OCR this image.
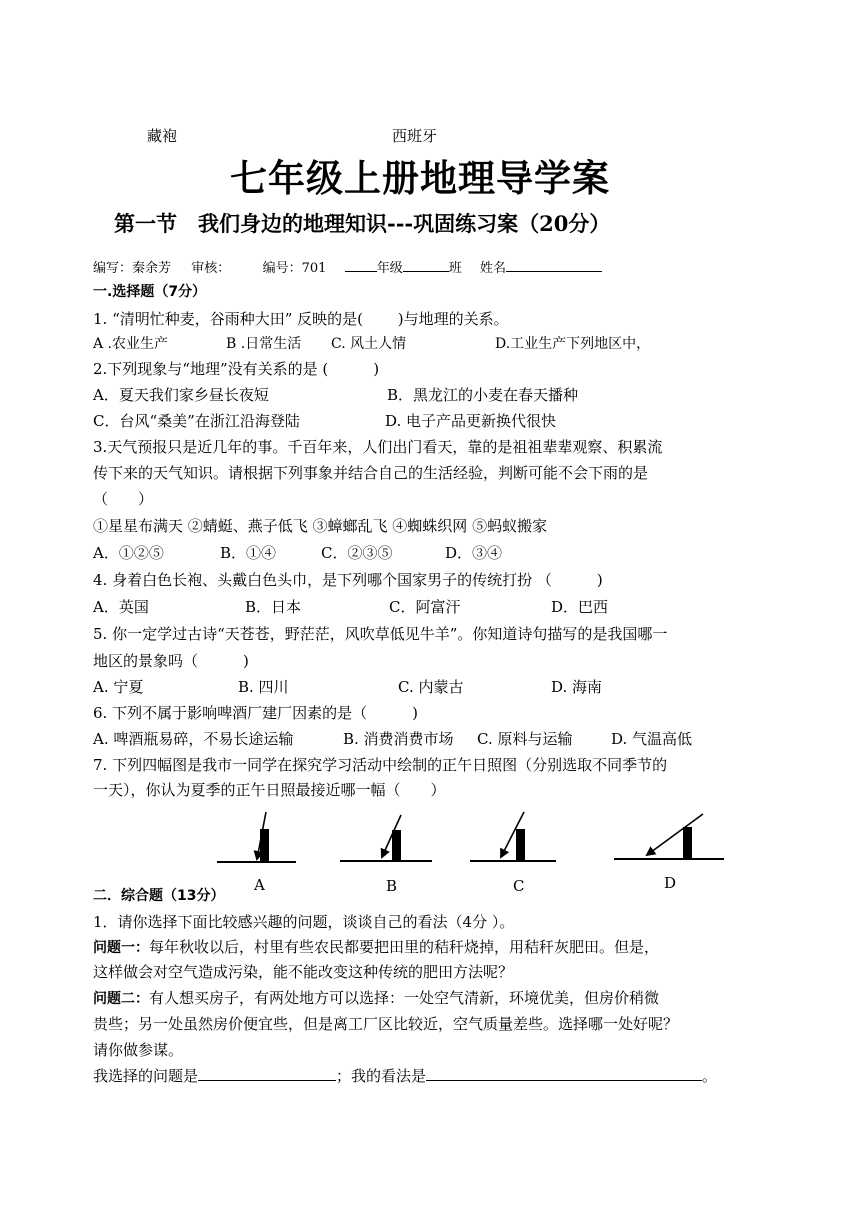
藏袍	西班牙
七年级上册地理导学案
第一节　我们身边的地理知识---巩固练习案（20分）
编写：秦余芳 审核： 编号：701	年级	班 姓名
一.选择题（7分）
1. “清明忙种麦，谷雨种大田” 反映的是(　　 )与地理的关系。
A .农业生产	B .日常生活 C. 风土人情	D.工业生产下列地区中，
2.下列现象与“地理”没有关系的是 (　　　)
A．夏天我们家乡昼长夜短	B．黑龙江的小麦在春天播种
C．台风“桑美”在浙江沿海登陆	D. 电子产品更新换代很快
3.天气预报只是近几年的事。千百年来，人们出门看天，靠的是祖祖辈辈观察、积累流
传下来的天气知识。请根据下列事象并结合自己的生活经验，判断可能不会下雨的是
（　　）
①星星布满天 ②蜻蜓、燕子低飞 ③蟑螂乱飞 ④蜘蛛织网 ⑤蚂蚁搬家
A．①②⑤	B．①④	C．②③⑤	D．③④
4. 身着白色长袍、头戴白色头巾，是下列哪个国家男子的传统打扮 （　　　)
A．英国	B．日本	C．阿富汗	D．巴西
5. 你一定学过古诗“天苍苍，野茫茫，风吹草低见牛羊”。你知道诗句描写的是我国哪一
地区的景象吗（　　　)
A. 宁夏	B. 四川	C. 内蒙古	D. 海南
6. 下列不属于影响啤酒厂建厂因素的是（　　　)
A. 啤酒瓶易碎，不易长途运输	B. 消费消费市场 C. 原料与运输	D. 气温高低
7. 下列四幅图是我市一同学在探究学习活动中绘制的正午日照图（分别选取不同季节的
一天），你认为夏季的正午日照最接近哪一幅（　　）
A	B	C	D
二．综合题（13分）
1．请你选择下面比较感兴趣的问题，谈谈自己的看法（4分 ）。
问题一：每年秋收以后，村里有些农民都要把田里的秸秆烧掉，用秸秆灰肥田。但是，
这样做会对空气造成污染，能不能改变这种传统的肥田方法呢？
问题二：有人想买房子，有两处地方可以选择：一处空气清新，环境优美，但房价稍微
贵些；另一处虽然房价便宜些，但是离工厂区比较近，空气质量差些。选择哪一处好呢？
请你做参谋。
我选择的问题是	；我的看法是	。
